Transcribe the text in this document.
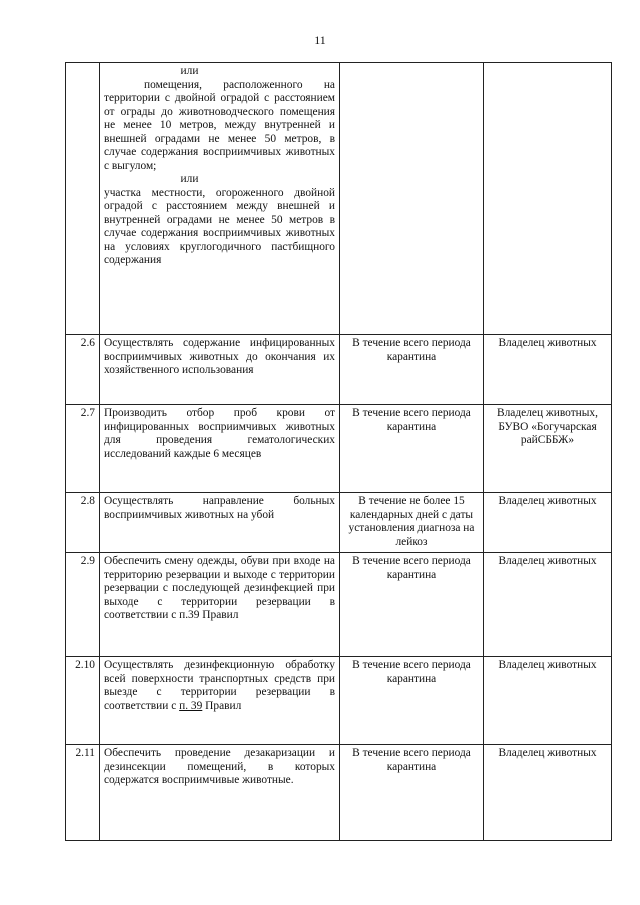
11

	или
помещения, расположенного на территории с двойной оградой с расстоянием от ограды до животноводческого помещения не менее 10 метров, между внутренней и внешней оградами не менее 50 метров, в случае содержания восприимчивых животных с выгулом;
или
участка местности, огороженного двойной оградой с расстоянием между внешней и внутренней оградами не менее 50 метров в случае содержания восприимчивых животных на условиях круглогодичного пастбищного содержания		

2.6	Осуществлять содержание инфицированных восприимчивых животных до окончания их хозяйственного использования	В течение всего периода карантина	Владелец животных
2.7	Производить отбор проб крови от инфицированных восприимчивых животных для проведения гематологических исследований каждые 6 месяцев	В течение всего периода карантина	Владелец животных, БУВО «Богучарская райСББЖ»
2.8	Осуществлять направление больных восприимчивых животных на убой	В течение не более 15 календарных дней с даты установления диагноза на лейкоз	Владелец животных
2.9	Обеспечить смену одежды, обуви при входе на территорию резервации и выходе с территории резервации с последующей дезинфекцией при выходе с территории резервации в соответствии с п.39 Правил	В течение всего периода карантина	Владелец животных
2.10	Осуществлять дезинфекционную обработку всей поверхности транспортных средств при выезде с территории резервации в соответствии с п. 39 Правил	В течение всего периода карантина	Владелец животных
2.11	Обеспечить проведение дезакаризации и дезинсекции помещений, в которых содержатся восприимчивые животные.	В течение всего периода карантина	Владелец животных
